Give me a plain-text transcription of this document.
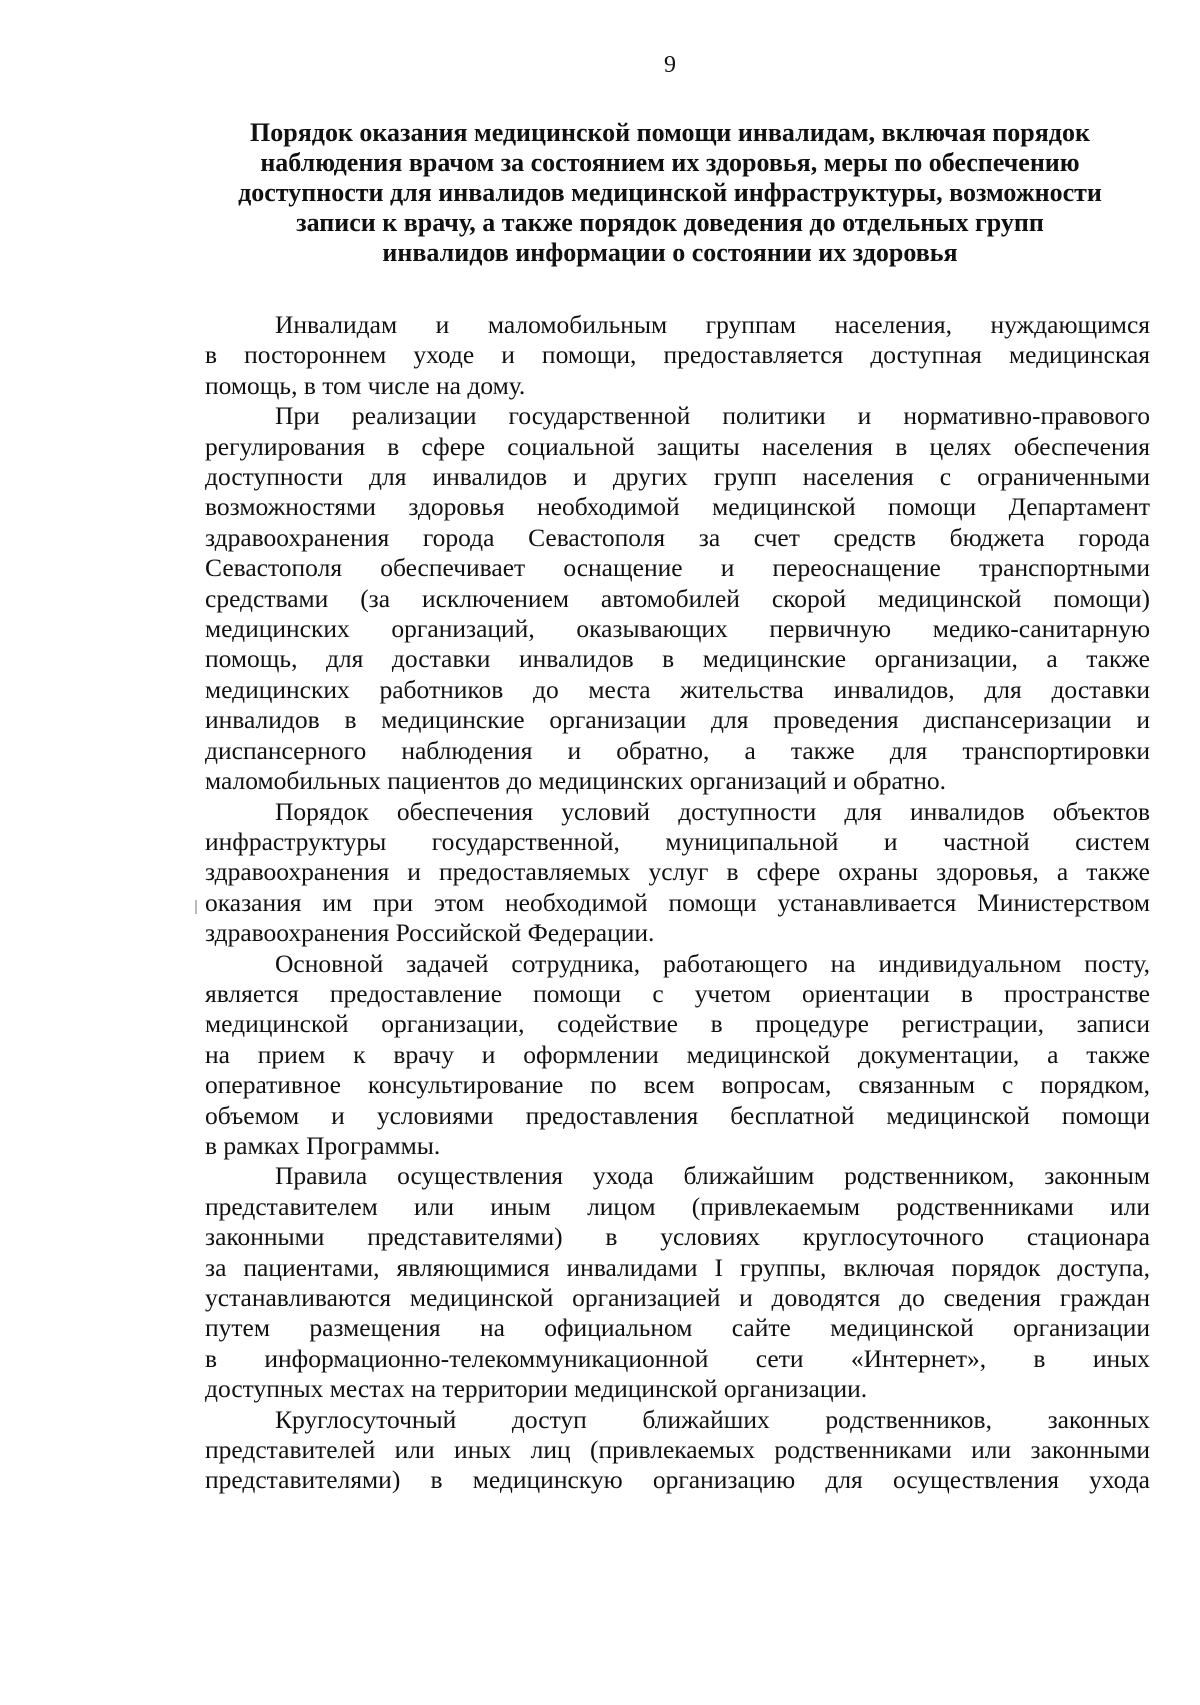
9
Порядок оказания медицинской помощи инвалидам, включая порядок
наблюдения врачом за состоянием их здоровья, меры по обеспечению
доступности для инвалидов медицинской инфраструктуры, возможности
записи к врачу, а также порядок доведения до отдельных групп
инвалидов информации о состоянии их здоровья

Инвалидам и маломобильным группам населения, нуждающимся
в постороннем уходе и помощи, предоставляется доступная медицинская
помощь, в том числе на дому.

При реализации государственной политики и нормативно-правового
регулирования в сфере социальной защиты населения в целях обеспечения
доступности для инвалидов и других групп населения с ограниченными
возможностями здоровья необходимой медицинской помощи Департамент
здравоохранения города Севастополя за счет средств бюджета города
Севастополя обеспечивает оснащение и переоснащение транспортными
средствами (за исключением автомобилей скорой медицинской помощи)
медицинских организаций, оказывающих первичную медико-санитарную
помощь, для доставки инвалидов в медицинские организации, а также
медицинских работников до места жительства инвалидов, для доставки
инвалидов в медицинские организации для проведения диспансеризации и
диспансерного наблюдения и обратно, а также для транспортировки
маломобильных пациентов до медицинских организаций и обратно.

Порядок обеспечения условий доступности для инвалидов объектов
инфраструктуры государственной, муниципальной и частной систем
здравоохранения и предоставляемых услуг в сфере охраны здоровья, а также
оказания им при этом необходимой помощи устанавливается Министерством
здравоохранения Российской Федерации.

Основной задачей сотрудника, работающего на индивидуальном посту,
является предоставление помощи с учетом ориентации в пространстве
медицинской организации, содействие в процедуре регистрации, записи
на прием к врачу и оформлении медицинской документации, а также
оперативное консультирование по всем вопросам, связанным с порядком,
объемом и условиями предоставления бесплатной медицинской помощи
в рамках Программы.

Правила осуществления ухода ближайшим родственником, законным
представителем или иным лицом (привлекаемым родственниками или
законными представителями) в условиях круглосуточного стационара
за пациентами, являющимися инвалидами I группы, включая порядок доступа,
устанавливаются медицинской организацией и доводятся до сведения граждан
путем размещения на официальном сайте медицинской организации
в информационно-телекоммуникационной сети «Интернет», в иных
доступных местах на территории медицинской организации.

Круглосуточный доступ ближайших родственников, законных
представителей или иных лиц (привлекаемых родственниками или законными
представителями) в медицинскую организацию для осуществления ухода
